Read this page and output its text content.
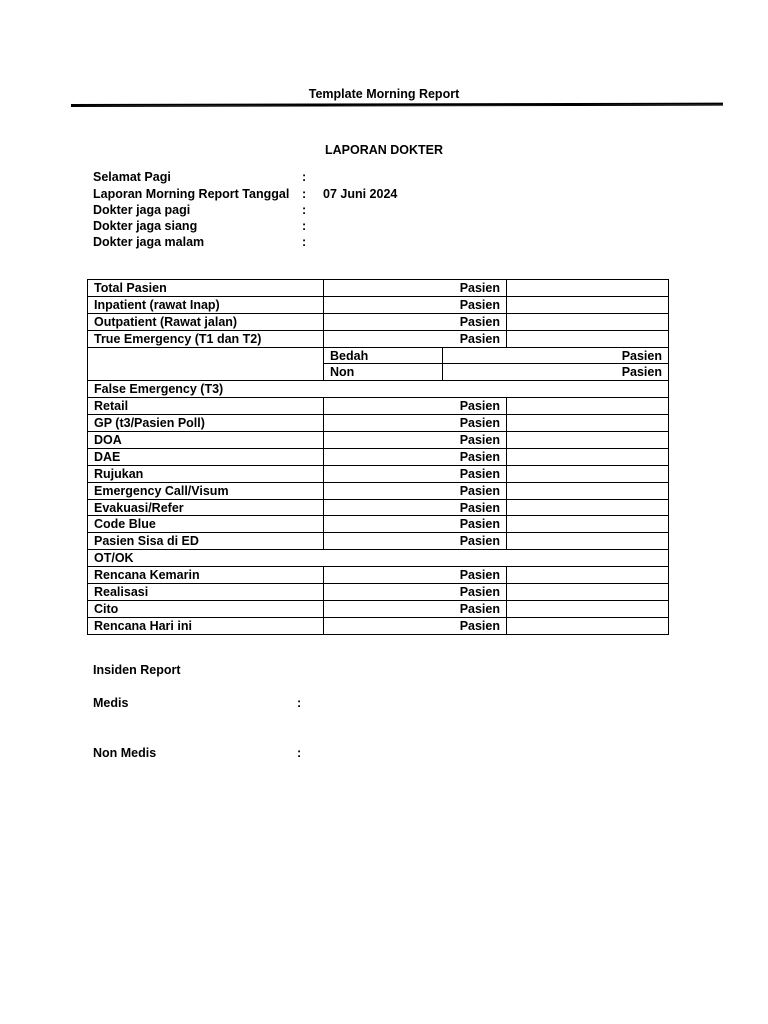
Template Morning Report
LAPORAN DOKTER
Selamat Pagi	:
Laporan Morning Report Tanggal : 07 Juni 2024
Dokter jaga pagi	:
Dokter jaga siang	:
Dokter jaga malam	:
Total Pasien	Pasien		
Inpatient (rawat Inap)	Pasien		
Outpatient (Rawat jalan)	Pasien		
True Emergency (T1 dan T2)	Pasien		
	Bedah	Pasien	
	Non	Pasien	
False Emergency (T3)			
Retail	Pasien		
GP (t3/Pasien Poll)	Pasien		
DOA	Pasien		
DAE	Pasien		
Rujukan	Pasien		
Emergency Call/Visum	Pasien		
Evakuasi/Refer	Pasien		
Code Blue	Pasien		
Pasien Sisa di ED	Pasien		
OT/OK			
Rencana Kemarin	Pasien		
Realisasi	Pasien		
Cito	Pasien		
Rencana Hari ini	Pasien		
Insiden Report
Medis	:
Non Medis	:
